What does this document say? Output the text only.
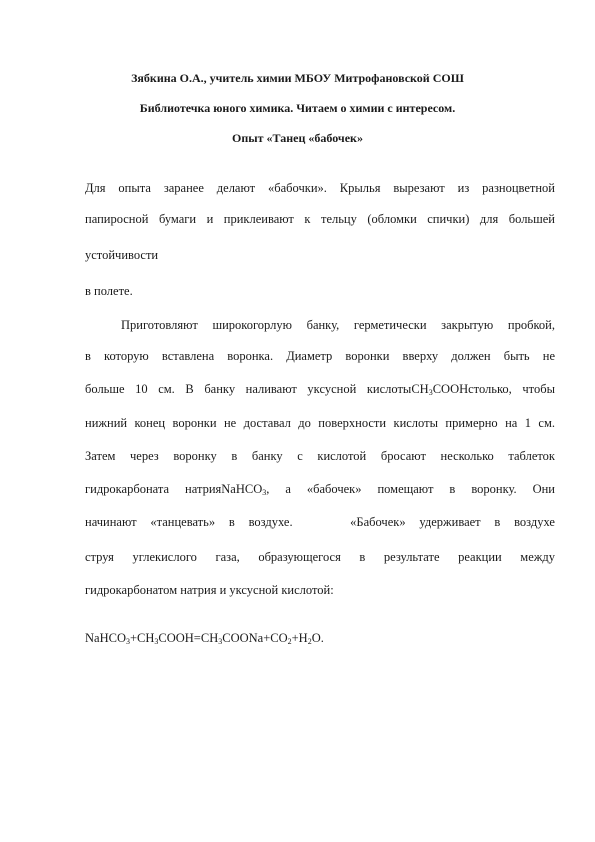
Зябкина О.А., учитель химии МБОУ Митрофановской СОШ
Библиотечка юного химика. Читаем о химии с интересом.
Опыт «Танец «бабочек»
Для опыта заранее делают «бабочки». Крылья вырезают из разноцветной
папиросной бумаги и приклеивают к тельцу (обломки спички) для большей
устойчивости
в полете.
Приготовляют широкогорлую банку, герметически закрытую пробкой,
в которую вставлена воронка. Диаметр воронки вверху должен быть не
больше 10 см. В банку наливают уксусной кислотыCH$_3$COOHстолько, чтобы
нижний конец воронки не доставал до поверхности кислоты примерно на 1 см.
Затем через воронку в банку с кислотой бросают несколько таблеток
гидрокарбоната натрияNaHCO$_3$, а «бабочек» помещают в воронку. Они
начинают «танцевать» в воздухе.	«Бабочек» удерживает в воздухе
струя углекислого газа, образующегося в результате реакции между
гидрокарбонатом натрия и уксусной кислотой:
$NaHCO_3+CH_3COOH=CH_3COONa+CO_2+H_2O$.
